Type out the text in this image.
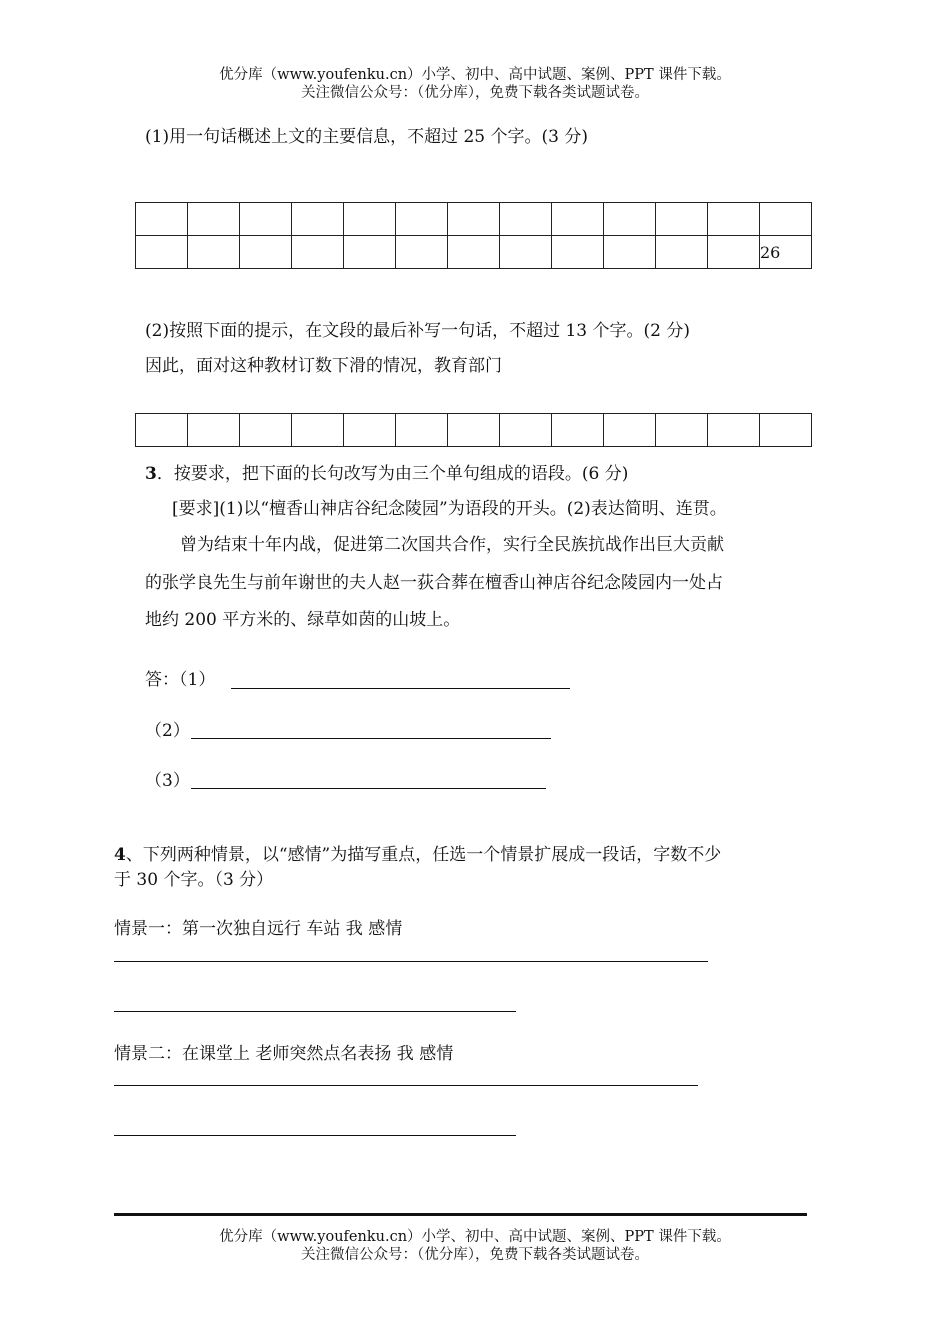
优分库（www.youfenku.cn）小学、初中、高中试题、案例、PPT 课件下载。
关注微信公众号：（优分库），免费下载各类试题试卷。
(1)用一句话概述上文的主要信息，不超过 25 个字。(3 分)

												26
(2)按照下面的提示，在文段的最后补写一句话，不超过 13 个字。(2 分)
因此，面对这种教材订数下滑的情况，教育部门

3．按要求，把下面的长句改写为由三个单句组成的语段。(6 分)
[要求](1)以“檀香山神店谷纪念陵园”为语段的开头。(2)表达简明、连贯。
曾为结束十年内战，促进第二次国共合作，实行全民族抗战作出巨大贡献
的张学良先生与前年谢世的夫人赵一荻合葬在檀香山神店谷纪念陵园内一处占
地约 200 平方米的、绿草如茵的山坡上。
答：（1）
（2）
（3）
4、下列两种情景，以“感情”为描写重点，任选一个情景扩展成一段话，字数不少
于 30 个字。（3 分）
情景一：第一次独自远行 车站 我 感情
情景二：在课堂上 老师突然点名表扬 我 感情
优分库（www.youfenku.cn）小学、初中、高中试题、案例、PPT 课件下载。
关注微信公众号：（优分库），免费下载各类试题试卷。
